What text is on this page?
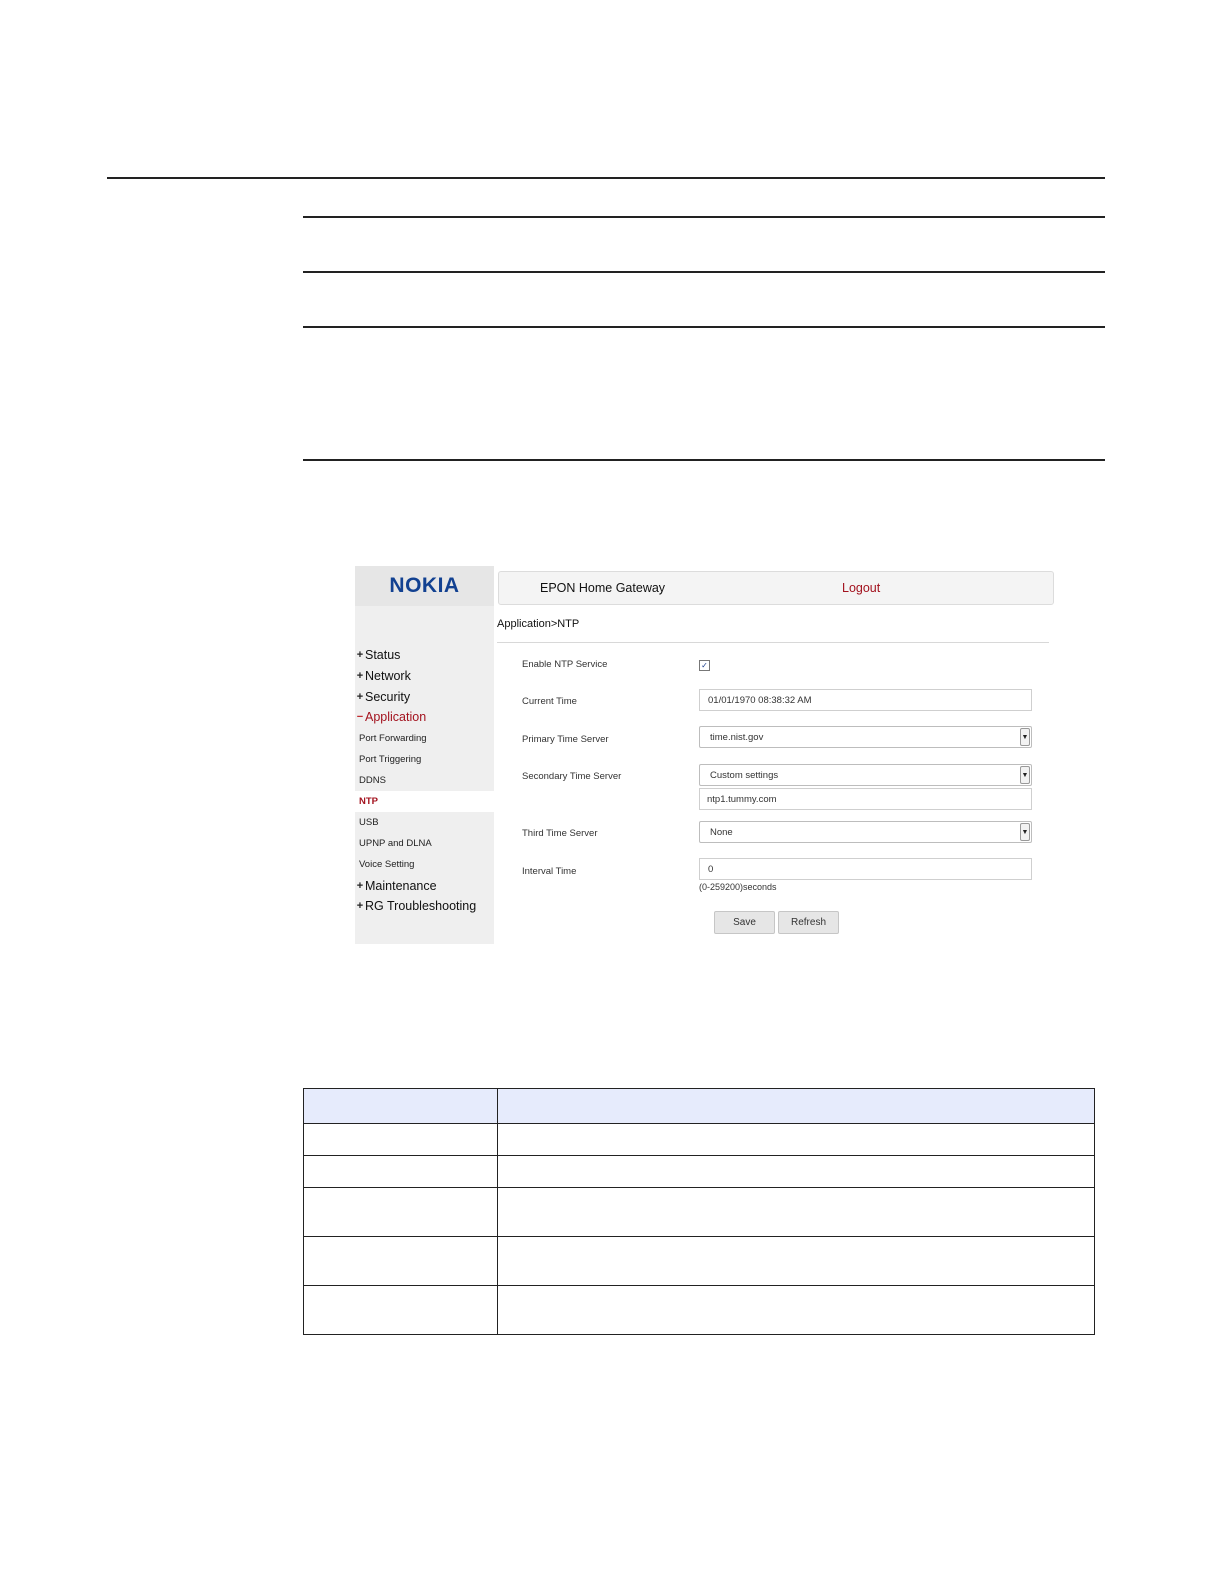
NOKIA
+ Status
+ Network
+ Security
− Application
Port Forwarding
Port Triggering
DDNS
NTP
USB
UPNP and DLNA
Voice Setting
+ Maintenance
+ RG Troubleshooting
EPON Home Gateway	Logout
Application>NTP
Enable NTP Service	✓
Current Time	01/01/1970 08:38:32 AM
Primary Time Server	time.nist.gov	▼
Secondary Time Server	Custom settings	▼
ntp1.tummy.com
Third Time Server	None	▼
Interval Time	0
(0-259200)seconds
Save	Refresh
